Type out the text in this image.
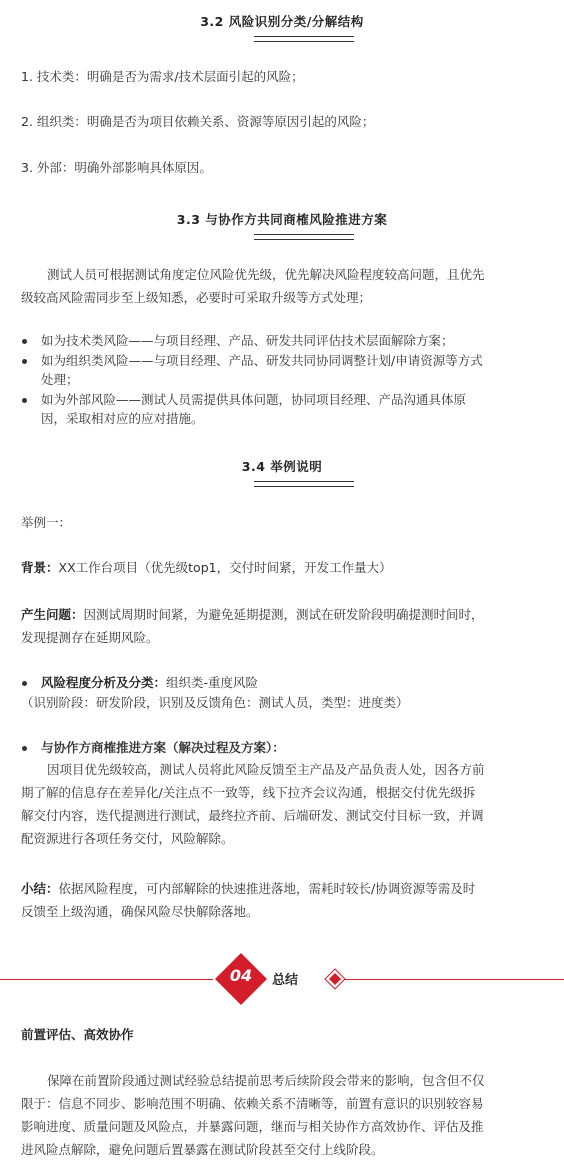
3.2 风险识别分类/分解结构
1. 技术类：明确是否为需求/技术层面引起的风险；
2. 组织类：明确是否为项目依赖关系、资源等原因引起的风险；
3. 外部：明确外部影响具体原因。
3.3 与协作方共同商榷风险推进方案
测试人员可根据测试角度定位风险优先级，优先解决风险程度较高问题，且优先
级较高风险需同步至上级知悉，必要时可采取升级等方式处理；
如为技术类风险——与项目经理、产品、研发共同评估技术层面解除方案；
如为组织类风险——与项目经理、产品、研发共同协同调整计划/申请资源等方式
处理；
如为外部风险——测试人员需提供具体问题，协同项目经理、产品沟通具体原
因，采取相对应的应对措施。
3.4 举例说明
举例一：
背景：XX工作台项目（优先级top1，交付时间紧，开发工作量大）
产生问题：因测试周期时间紧，为避免延期提测，测试在研发阶段明确提测时间时，
发现提测存在延期风险。
风险程度分析及分类：组织类-重度风险
（识别阶段：研发阶段，识别及反馈角色：测试人员，类型：进度类）
与协作方商榷推进方案（解决过程及方案）：
因项目优先级较高，测试人员将此风险反馈至主产品及产品负责人处，因各方前
期了解的信息存在差异化/关注点不一致等，线下拉齐会议沟通，根据交付优先级拆
解交付内容，迭代提测进行测试，最终拉齐前、后端研发、测试交付目标一致，并调
配资源进行各项任务交付，风险解除。
小结：依据风险程度，可内部解除的快速推进落地，需耗时较长/协调资源等需及时
反馈至上级沟通，确保风险尽快解除落地。
04	总结
前置评估、高效协作
保障在前置阶段通过测试经验总结提前思考后续阶段会带来的影响，包含但不仅
限于：信息不同步、影响范围不明确、依赖关系不清晰等，前置有意识的识别较容易
影响进度、质量问题及风险点，并暴露问题，继而与相关协作方高效协作、评估及推
进风险点解除，避免问题后置暴露在测试阶段甚至交付上线阶段。
